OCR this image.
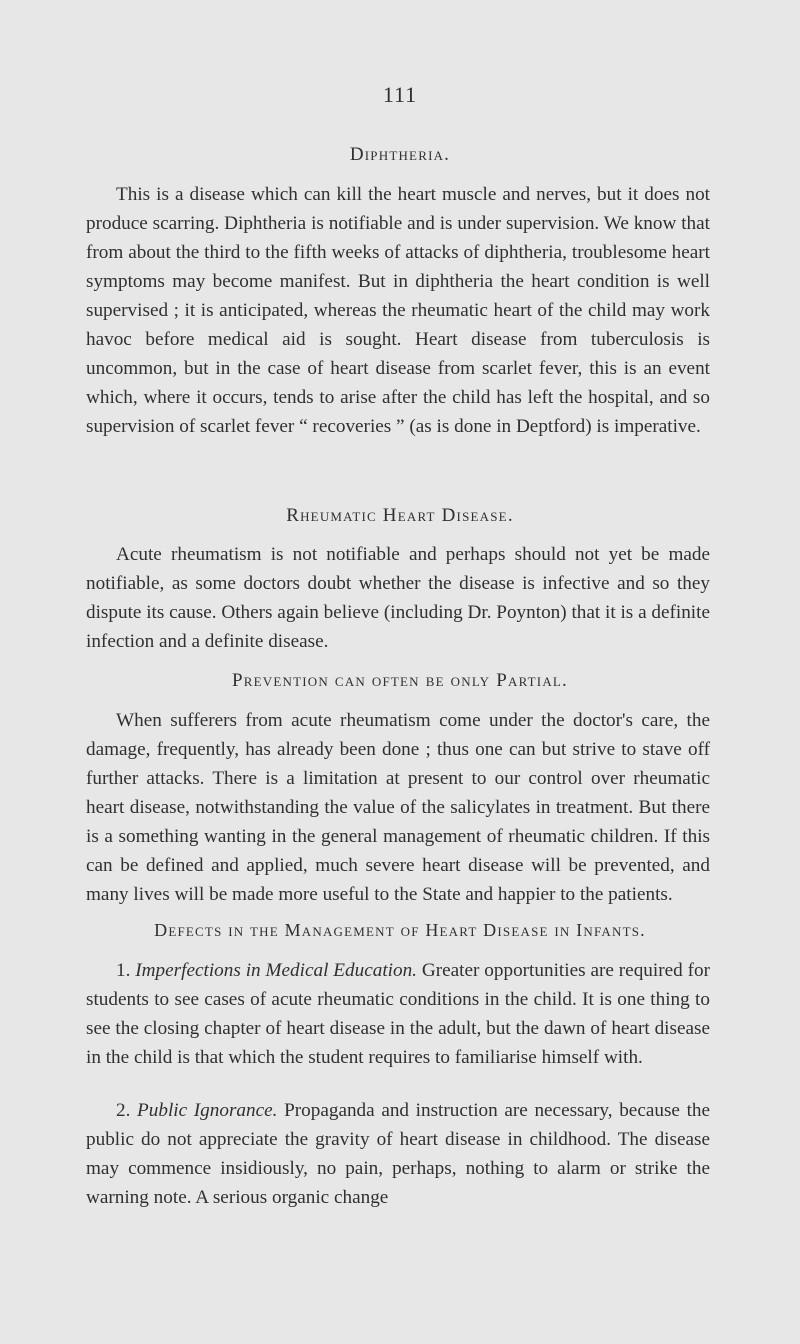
111
Diphtheria.
This is a disease which can kill the heart muscle and nerves, but it does not produce scarring. Diphtheria is notifiable and is under supervision. We know that from about the third to the fifth weeks of attacks of diphtheria, troublesome heart symptoms may become manifest. But in diphtheria the heart condition is well supervised ; it is anticipated, whereas the rheumatic heart of the child may work havoc before medical aid is sought. Heart disease from tuberculosis is uncommon, but in the case of heart disease from scarlet fever, this is an event which, where it occurs, tends to arise after the child has left the hospital, and so supervision of scarlet fever “ recoveries ” (as is done in Deptford) is imperative.
Rheumatic Heart Disease.
Acute rheumatism is not notifiable and perhaps should not yet be made notifiable, as some doctors doubt whether the disease is infective and so they dispute its cause. Others again believe (including Dr. Poynton) that it is a definite infection and a definite disease.
Prevention can often be only Partial.
When sufferers from acute rheumatism come under the doctor's care, the damage, frequently, has already been done ; thus one can but strive to stave off further attacks. There is a limitation at present to our control over rheumatic heart disease, notwithstanding the value of the salicylates in treatment. But there is a something wanting in the general management of rheumatic children. If this can be defined and applied, much severe heart disease will be prevented, and many lives will be made more useful to the State and happier to the patients.
Defects in the Management of Heart Disease in Infants.
1. Imperfections in Medical Education. Greater opportunities are required for students to see cases of acute rheumatic conditions in the child. It is one thing to see the closing chapter of heart disease in the adult, but the dawn of heart disease in the child is that which the student requires to familiarise himself with.
2. Public Ignorance. Propaganda and instruction are necessary, because the public do not appreciate the gravity of heart disease in childhood. The disease may commence insidiously, no pain, perhaps, nothing to alarm or strike the warning note. A serious organic change
